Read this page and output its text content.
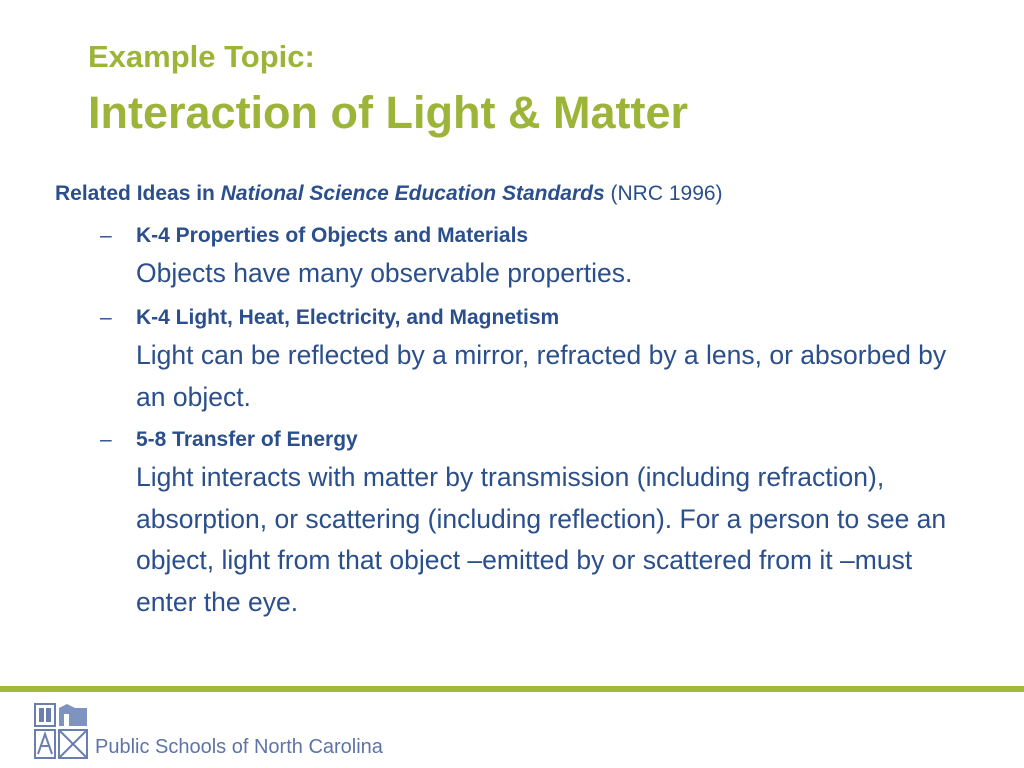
Example Topic:
Interaction of Light & Matter
Related Ideas in National Science Education Standards (NRC 1996)
– K-4 Properties of Objects and Materials

Objects have many observable properties.

– K-4 Light, Heat, Electricity, and Magnetism

Light can be reflected by a mirror, refracted by a lens, or absorbed by an object.

– 5-8 Transfer of Energy

Light interacts with matter by transmission (including refraction), absorption, or scattering (including reflection). For a person to see an object, light from that object –emitted by or scattered from it –must enter the eye.

Public Schools of North Carolina
